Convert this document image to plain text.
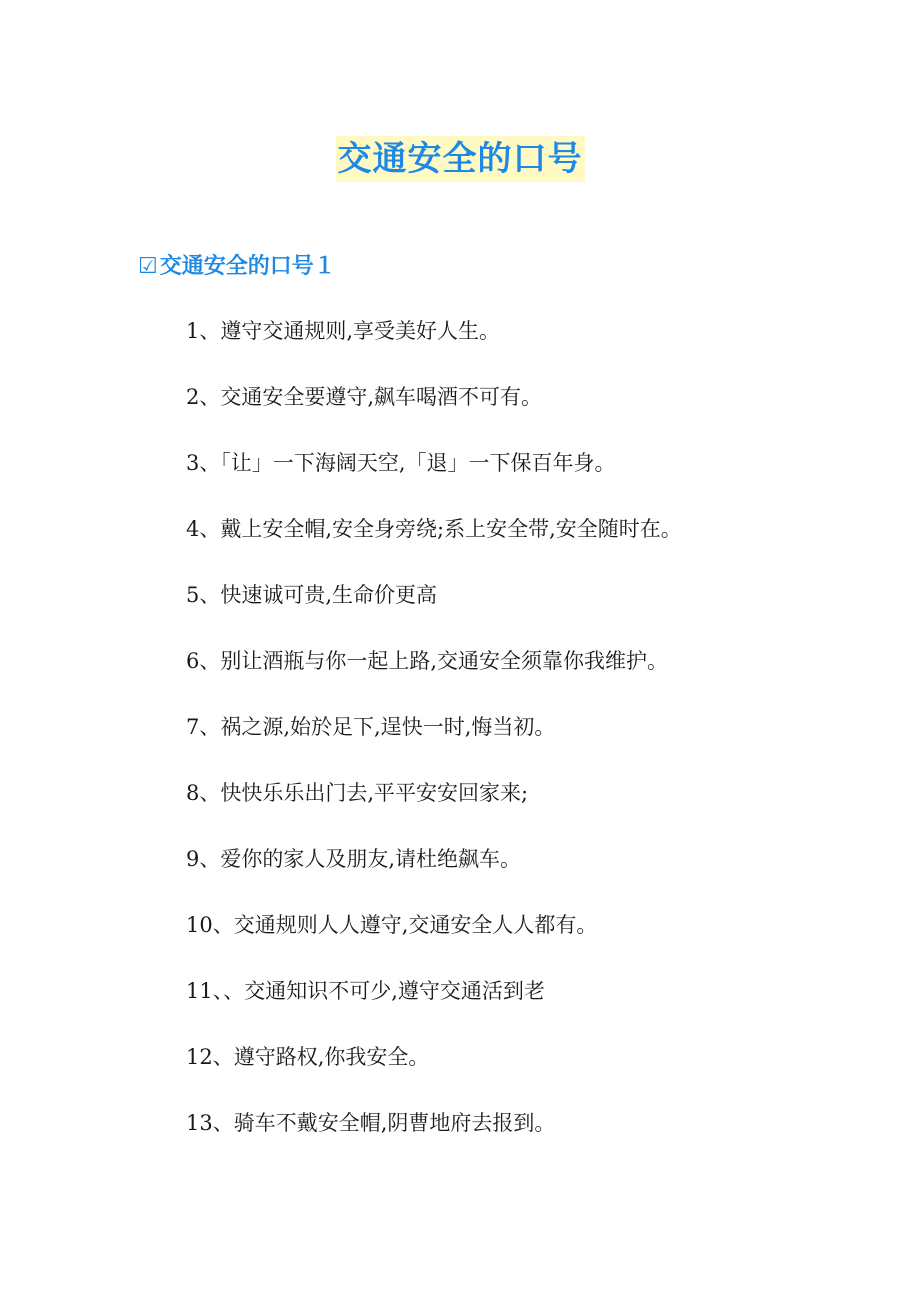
交通安全的口号
☑交通安全的口号１
1、遵守交通规则,享受美好人生。
2、交通安全要遵守,飙车喝酒不可有。
3、「让」一下海阔天空,「退」一下保百年身。
4、戴上安全帽,安全身旁绕;系上安全带,安全随时在。
5、快速诚可贵,生命价更高
6、别让酒瓶与你一起上路,交通安全须靠你我维护。
7、祸之源,始於足下,逞快一时,悔当初。
8、快快乐乐出门去,平平安安回家来;
9、爱你的家人及朋友,请杜绝飙车。
10、交通规则人人遵守,交通安全人人都有。
11、、交通知识不可少,遵守交通活到老
12、遵守路权,你我安全。
13、骑车不戴安全帽,阴曹地府去报到。
